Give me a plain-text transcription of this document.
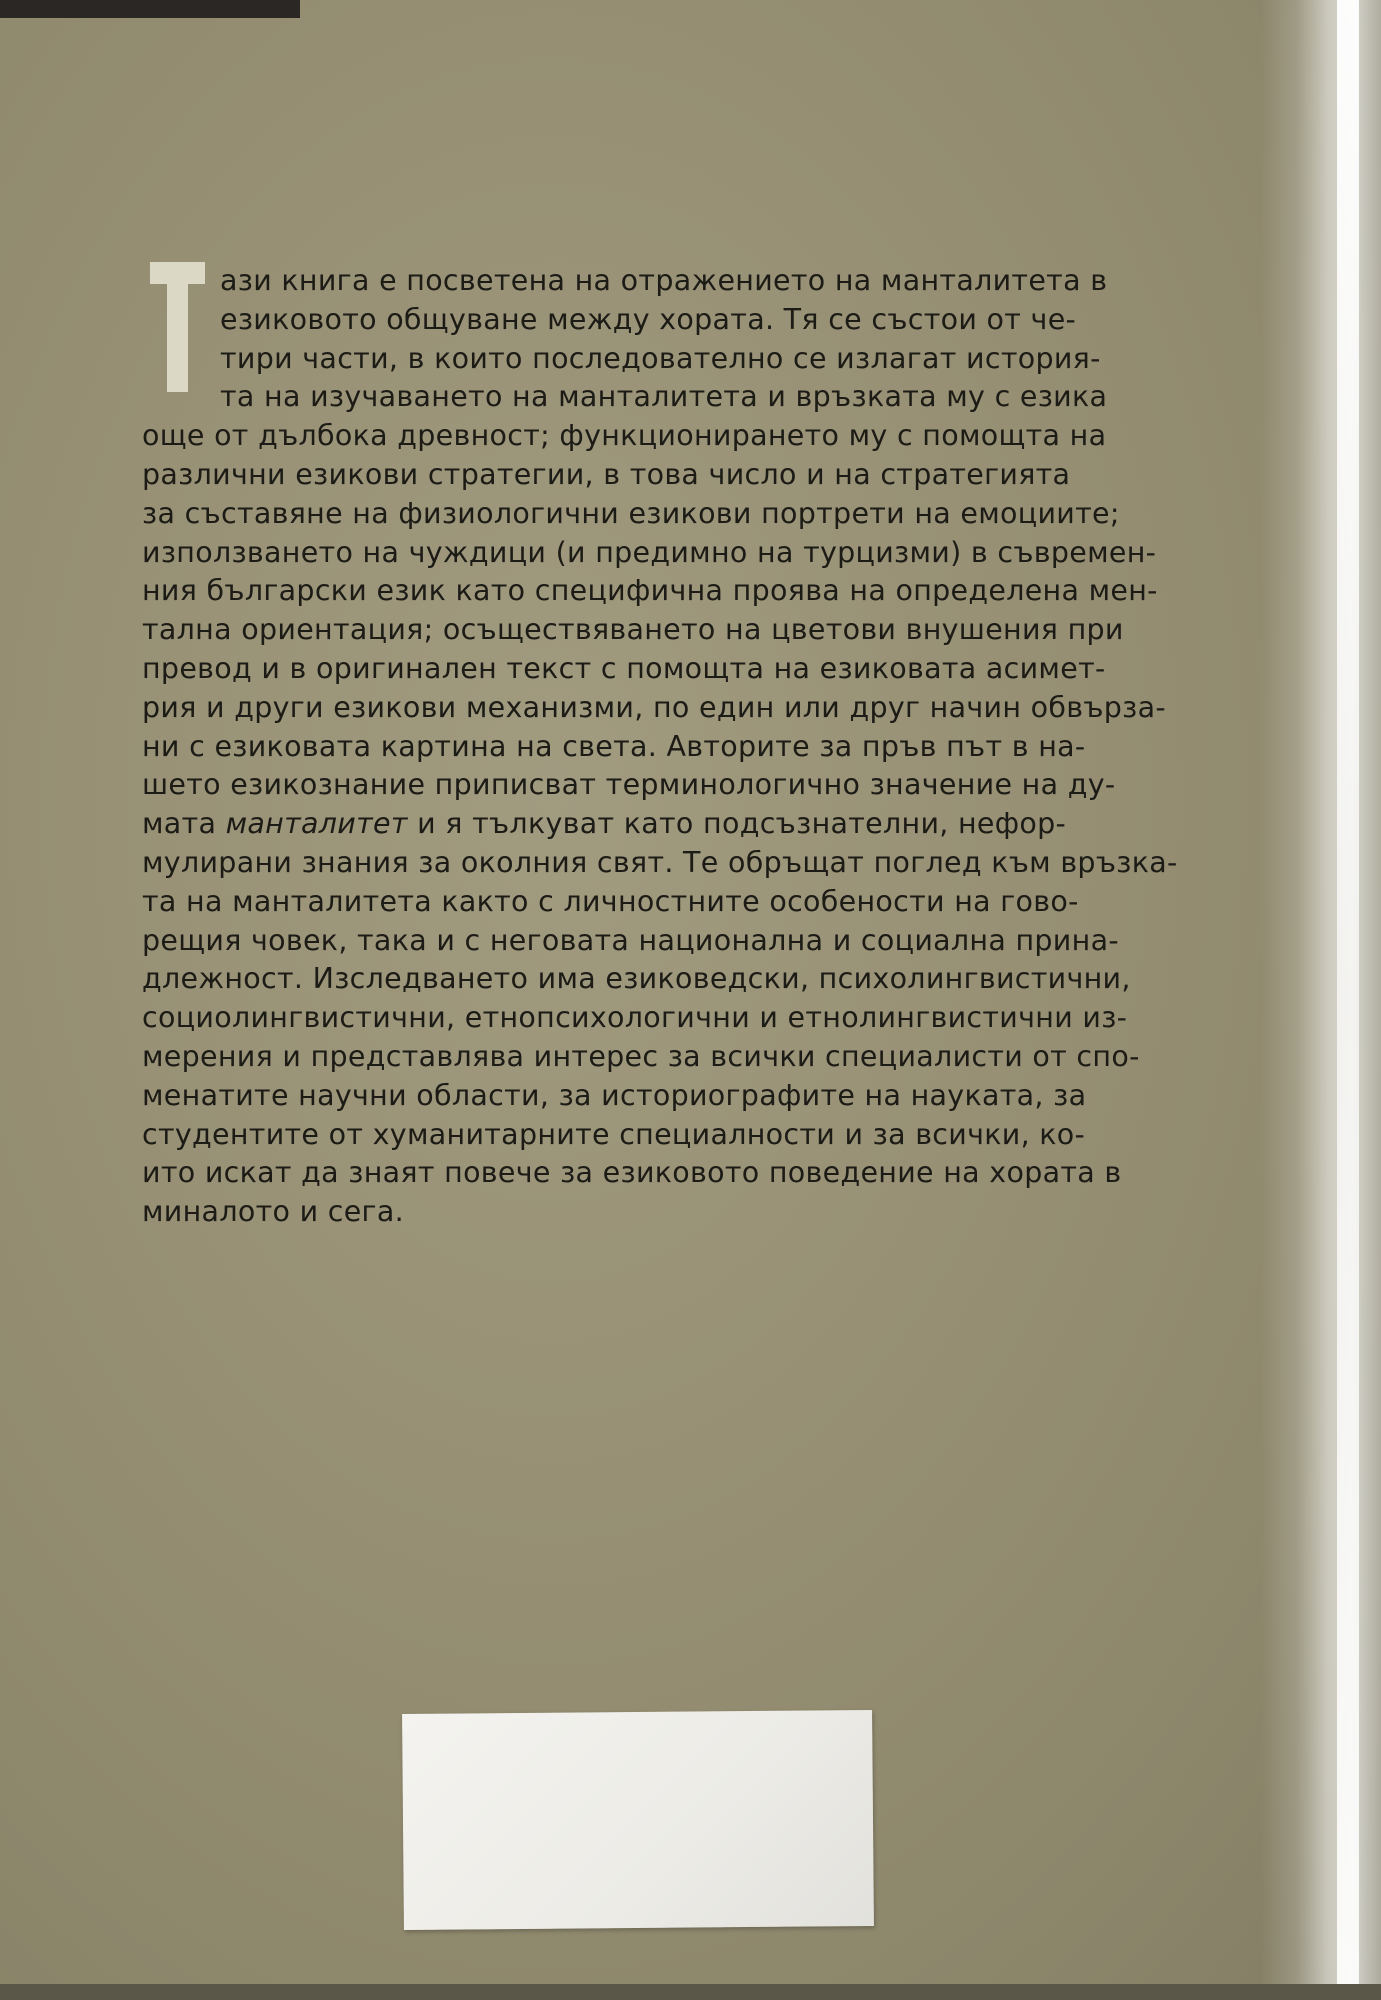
ази книга е посветена на отражението на манталитета в
езиковото общуване между хората. Тя се състои от че-
тири части, в които последователно се излагат история-
та на изучаването на манталитета и връзката му с езика
още от дълбока древност; функционирането му с помощта на
различни езикови стратегии, в това число и на стратегията
за съставяне на физиологични езикови портрети на емоциите;
използването на чуждици (и предимно на турцизми) в съвремен-
ния български език като специфична проява на определена мен-
тална ориентация; осъществяването на цветови внушения при
превод и в оригинален текст с помощта на езиковата асимет-
рия и други езикови механизми, по един или друг начин обвърза-
ни с езиковата картина на света. Авторите за пръв път в на-
шето езикознание приписват терминологично значение на ду-
мата манталитет и я тълкуват като подсъзнателни, нефор-
мулирани знания за околния свят. Те обръщат поглед към връзка-
та на манталитета както с личностните особености на гово-
рещия човек, така и с неговата национална и социална прина-
длежност. Изследването има езиковедски, психолингвистични,
социолингвистични, етнопсихологични и етнолингвистични из-
мерения и представлява интерес за всички специалисти от спо-
менатите научни области, за историографите на науката, за
студентите от хуманитарните специалности и за всички, ко-
ито искат да знаят повече за езиковото поведение на хората в
миналото и сега.
